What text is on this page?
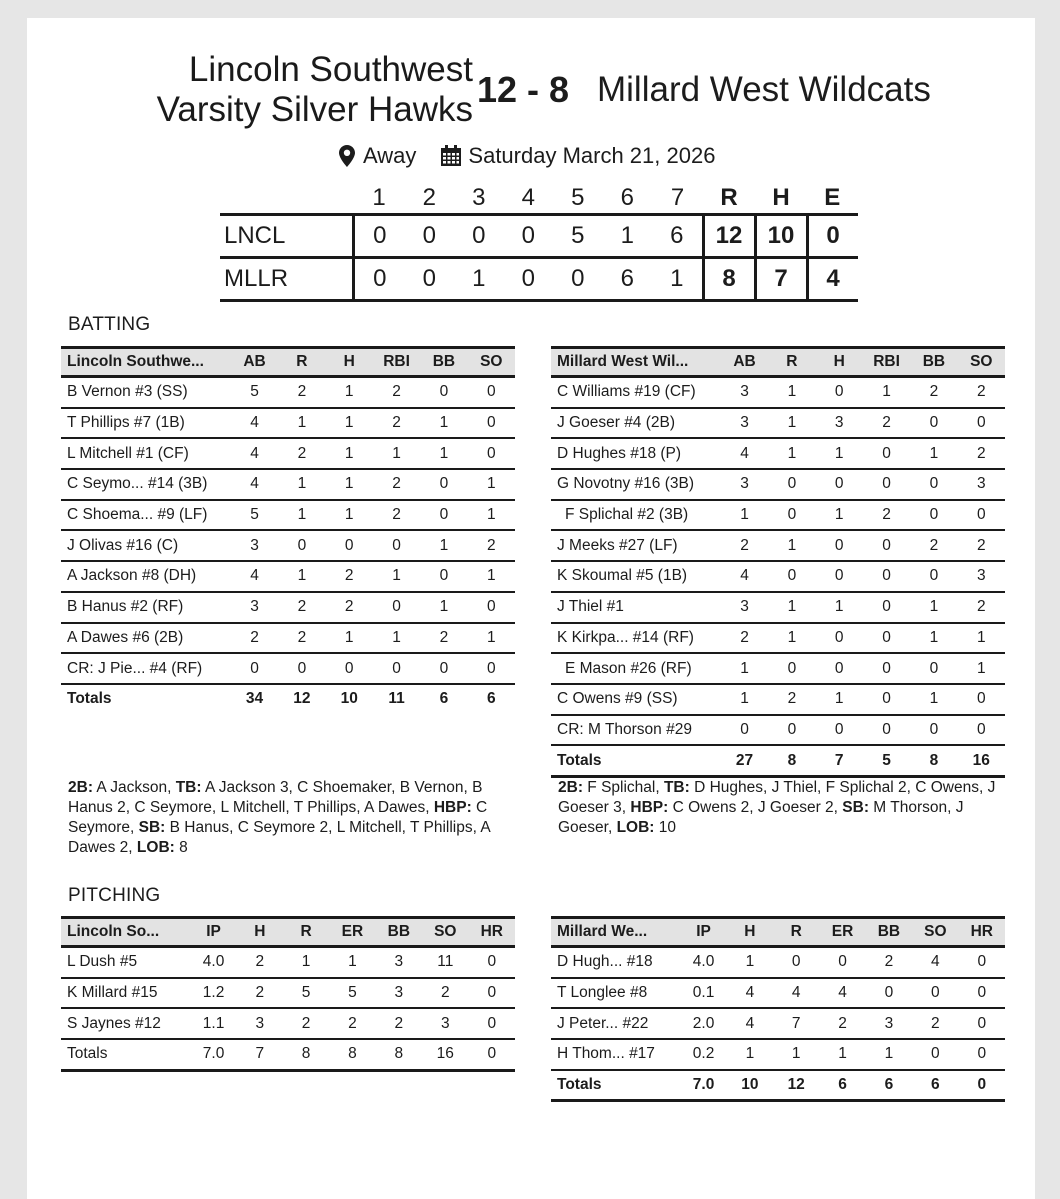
Lincoln Southwest
Varsity Silver Hawks 12 - 8 Millard West Wildcats
Away Saturday March 21, 2026
	1	2	3	4	5	6	7	R	H	E
LNCL	0	0	0	0	5	1	6	12	10	0
MLLR	0	0	1	0	0	6	1	8	7	4
BATTING
Lincoln Southwe...	AB	R	H	RBI	BB	SO
B Vernon #3 (SS)	5	2	1	2	0	0
T Phillips #7 (1B)	4	1	1	2	1	0
L Mitchell #1 (CF)	4	2	1	1	1	0
C Seymo... #14 (3B)	4	1	1	2	0	1
C Shoema... #9 (LF)	5	1	1	2	0	1
J Olivas #16 (C)	3	0	0	0	1	2
A Jackson #8 (DH)	4	1	2	1	0	1
B Hanus #2 (RF)	3	2	2	0	1	0
A Dawes #6 (2B)	2	2	1	1	2	1
CR: J Pie... #4 (RF)	0	0	0	0	0	0
Totals	34	12	10	11	6	6
Millard West Wil...	AB	R	H	RBI	BB	SO
C Williams #19 (CF)	3	1	0	1	2	2
J Goeser #4 (2B)	3	1	3	2	0	0
D Hughes #18 (P)	4	1	1	0	1	2
G Novotny #16 (3B)	3	0	0	0	0	3
F Splichal #2 (3B)	1	0	1	2	0	0
J Meeks #27 (LF)	2	1	0	0	2	2
K Skoumal #5 (1B)	4	0	0	0	0	3
J Thiel #1	3	1	1	0	1	2
K Kirkpa... #14 (RF)	2	1	0	0	1	1
E Mason #26 (RF)	1	0	0	0	0	1
C Owens #9 (SS)	1	2	1	0	1	0
CR: M Thorson #29	0	0	0	0	0	0
Totals	27	8	7	5	8	16
2B: A Jackson, TB: A Jackson 3, C Shoemaker, B Vernon, B Hanus 2, C Seymore, L Mitchell, T Phillips, A Dawes, HBP: C Seymore, SB: B Hanus, C Seymore 2, L Mitchell, T Phillips, A Dawes 2, LOB: 8
2B: F Splichal, TB: D Hughes, J Thiel, F Splichal 2, C Owens, J Goeser 3, HBP: C Owens 2, J Goeser 2, SB: M Thorson, J Goeser, LOB: 10
PITCHING
Lincoln So...	IP	H	R	ER	BB	SO	HR
L Dush #5	4.0	2	1	1	3	11	0
K Millard #15	1.2	2	5	5	3	2	0
S Jaynes #12	1.1	3	2	2	2	3	0
Totals	7.0	7	8	8	8	16	0
Millard We...	IP	H	R	ER	BB	SO	HR
D Hugh... #18	4.0	1	0	0	2	4	0
T Longlee #8	0.1	4	4	4	0	0	0
J Peter... #22	2.0	4	7	2	3	2	0
H Thom... #17	0.2	1	1	1	1	0	0
Totals	7.0	10	12	6	6	6	0
